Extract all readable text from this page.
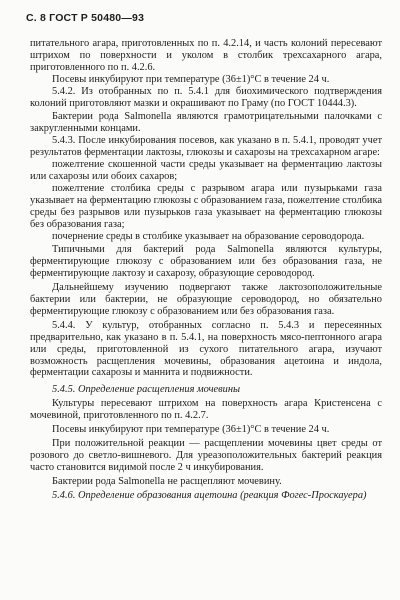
С. 8 ГОСТ Р 50480—93

питательного агара, приготовленных по п. 4.2.14, и часть колоний пересевают штрихом по поверхности и уколом в столбик трехсахарного агара, приготовленного по п. 4.2.6.

Посевы инкубируют при температуре (36±1)°С в течение 24 ч.

5.4.2. Из отобранных по п. 5.4.1 для биохимического подтверждения колоний приготовляют мазки и окрашивают по Граму (по ГОСТ 10444.3).

Бактерии рода Salmonella являются грамотрицательными палочками с закругленными концами.

5.4.3. После инкубирования посевов, как указано в п. 5.4.1, проводят учет результатов ферментации лактозы, глюкозы и сахарозы на трехсахарном агаре:

пожелтение скошенной части среды указывает на ферментацию лактозы или сахарозы или обоих сахаров;

пожелтение столбика среды с разрывом агара или пузырьками газа указывает на ферментацию глюкозы с образованием газа, пожелтение столбика среды без разрывов или пузырьков газа указывает на ферментацию глюкозы без образования газа;

почернение среды в столбике указывает на образование сероводорода.

Типичными для бактерий рода Salmonella являются культуры, ферментирующие глюкозу с образованием или без образования газа, не ферментирующие лактозу и сахарозу, образующие сероводород.

Дальнейшему изучению подвергают также лактозоположительные бактерии или бактерии, не образующие сероводород, но обязательно ферментирующие глюкозу с образованием или без образования газа.

5.4.4. У культур, отобранных согласно п. 5.4.3 и пересеянных предварительно, как указано в п. 5.4.1, на поверхность мясо-пептонного агара или среды, приготовленной из сухого питательного агара, изучают возможность расщепления мочевины, образования ацетоина и индола, ферментации сахарозы и маннита и подвижности.

5.4.5. Определение расщепления мочевины

Культуры пересевают штрихом на поверхность агара Кристенсена с мочевиной, приготовленного по п. 4.2.7.

Посевы инкубируют при температуре (36±1)°С в течение 24 ч.

При положительной реакции — расщеплении мочевины цвет среды от розового до светло-вишневого. Для уреазоположительных бактерий реакция часто становится видимой после 2 ч инкубирования.

Бактерии рода Salmonella не расщепляют мочевину.

5.4.6. Определение образования ацетоина (реакция Фогес-Проскауера)
